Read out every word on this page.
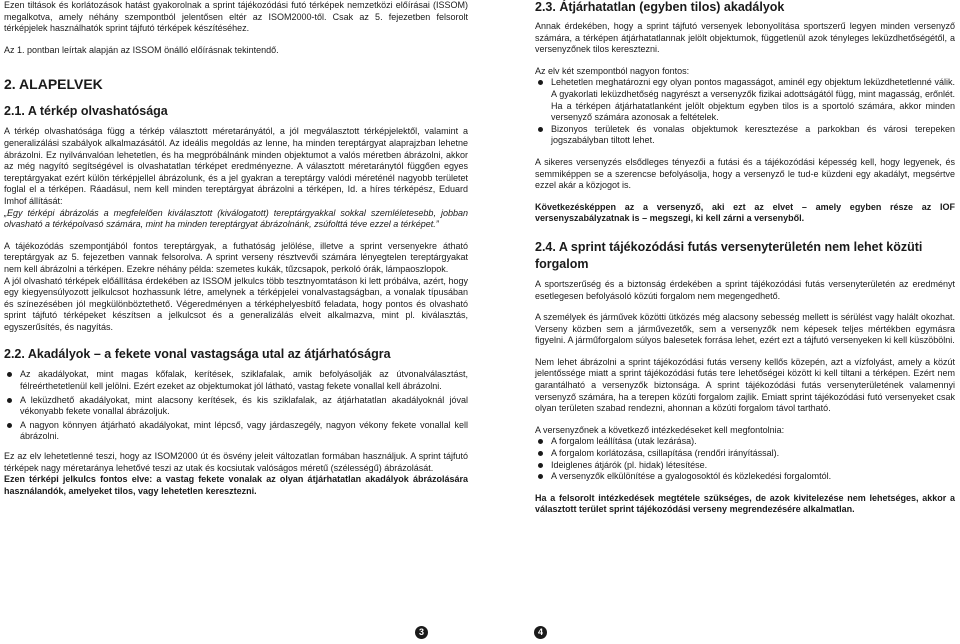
Ezen tiltások és korlátozások hatást gyakorolnak a sprint tájékozódási futó térképek nemzetközi előírásai (ISSOM) megalkotva, amely néhány szempontból jelentősen eltér az ISOM2000-től. Csak az 5. fejezetben felsorolt térképjelek használhatók sprint tájfutó térképek készítéséhez.

Az 1. pontban leírtak alapján az ISSOM önálló előírásnak tekintendő.

2. ALAPELVEK
2.1. A térkép olvashatósága

A térkép olvashatósága függ a térkép választott méretarányától, a jól megválasztott térképjelektől, valamint a generalizálási szabályok alkalmazásától. Az ideális megoldás az lenne, ha minden tereptárgyat alaprajzban lehetne ábrázolni. Ez nyilvánvalóan lehetetlen, és ha megpróbálnánk minden objektumot a valós méretben ábrázolni, akkor az még nagyító segítségével is olvashatatlan térképet eredményezne. A választott méretaránytól függően egyes tereptárgyakat ezért külön térképjellel ábrázolunk, és a jel gyakran a tereptárgy valódi méreténél nagyobb területet foglal el a térképen. Ráadásul, nem kell minden tereptárgyat ábrázolni a térképen, Id. a híres térképész, Eduard Imhof állítását:

„Egy térképi ábrázolás a megfelelően kiválasztott (kiválogatott) tereptárgyakkal sokkal szemléletesebb, jobban olvasható a térképolvasó számára, mint ha minden tereptárgyat ábrázolnánk, zsúfolttá téve ezzel a térképet.”

A tájékozódás szempontjából fontos tereptárgyak, a futhatóság jelölése, illetve a sprint versenyekre átható tereptárgyak az 5. fejezetben vannak felsorolva. A sprint verseny résztvevői számára lényegtelen tereptárgyakat nem kell ábrázolni a térképen. Ezekre néhány példa: szemetes kukák, tűzcsapok, perkoló órák, lámpaoszlopok.

A jól olvasható térképek előállítása érdekében az ISSOM jelkulcs több tesztnyomtatáson ki lett próbálva, azért, hogy egy kiegyensúlyozott jelkulcsot hozhassunk létre, amelynek a térképjelei vonalvastagságban, a vonalak típusában és színezésében jól megkülönböztethető. Végeredményen a térképhelyesbítő feladata, hogy pontos és olvasható sprint tájfutó térképeket készítsen a jelkulcsot és a generalizálás elveit alkalmazva, mint pl. kiválasztás, egyszerűsítés, és nagyítás.

2.2. Akadályok – a fekete vonal vastagsága utal az átjárhatóságra
Az akadályokat, mint magas kőfalak, kerítések, sziklafalak, amik befolyásolják az útvonalválasztást, félreérthetetlenül kell jelölni. Ezért ezeket az objektumokat jól látható, vastag fekete vonallal kell ábrázolni.
A leküzdhető akadályokat, mint alacsony kerítések, és kis sziklafalak, az átjárhatatlan akadályoknál jóval vékonyabb fekete vonallal ábrázoljuk.
A nagyon könnyen átjárható akadályokat, mint lépcső, vagy járdaszegély, nagyon vékony fekete vonallal kell ábrázolni.

Ez az elv lehetetlenné teszi, hogy az ISOM2000 út és ösvény jeleit változatlan formában használjuk. A sprint tájfutó térképek nagy méretaránya lehetővé teszi az utak és kocsiutak valóságos méretű (szélességű) ábrázolását.

Ezen térképi jelkulcs fontos elve: a vastag fekete vonalak az olyan átjárhatatlan akadályok ábrázolására használandók, amelyeket tilos, vagy lehetetlen keresztezni.

2.3. Átjárhatatlan (egyben tilos) akadályok

Annak érdekében, hogy a sprint tájfutó versenyek lebonyolítása sportszerű legyen minden versenyző számára, a térképen átjárhatatlannak jelölt objektumok, függetlenül azok tényleges leküzdhetőségétől, a versenyzőnek tilos keresztezni.

Az elv két szempontból nagyon fontos:

Lehetetlen meghatározni egy olyan pontos magasságot, aminél egy objektum leküzdhetetlenné válik. A gyakorlati leküzdhetőség nagyrészt a versenyzők fizikai adottságától függ, mint magasság, erőnlét. Ha a térképen átjárhatatlanként jelölt objektum egyben tilos is a sportoló számára, akkor minden versenyző számára azonosak a feltételek.
Bizonyos területek és vonalas objektumok keresztezése a parkokban és városi terepeken jogszabályban tiltott lehet.

A sikeres versenyzés elsődleges tényezői a futási és a tájékozódási képesség kell, hogy legyenek, és semmiképpen se a szerencse befolyásolja, hogy a versenyző le tud-e küzdeni egy akadályt, megsértve ezzel akár a közjogot is.

Következésképpen az a versenyző, aki ezt az elvet – amely egyben része az IOF versenyszabályzatnak is – megszegi, ki kell zárni a versenyből.

2.4. A sprint tájékozódási futás versenyterületén nem lehet közüti forgalom

A sportszerűség és a biztonság érdekében a sprint tájékozódási futás versenyterületén az eredményt esetlegesen befolyásoló közúti forgalom nem megengedhető.

A személyek és járművek közötti ütközés még alacsony sebesség mellett is sérülést vagy halált okozhat. Verseny közben sem a járművezetők, sem a versenyzők nem képesek teljes mértékben egymásra figyelni. A járműforgalom súlyos balesetek forrása lehet, ezért ezt a tájfutó versenyeken ki kell küszöbölni.

Nem lehet ábrázolni a sprint tájékozódási futás verseny kellős közepén, azt a vízfolyást, amely a közút jelentőssége miatt a sprint tájékozódási futás tere lehetőségei között ki kell tiltani a térképen. Ezért nem garantálható a versenyzők biztonsága. A sprint tájékozódási futás versenyterületének valamennyi versenyző számára, ha a terepen közúti forgalom zajlik. Emiatt sprint tájékozódási futó versenyeket csak olyan területen szabad rendezni, ahonnan a közúti forgalom távol tartható.

A versenyzőnek a következő intézkedéseket kell megfontolnia:

A forgalom leállítása (utak lezárása).
A forgalom korlátozása, csillapítása (rendőri irányítással).
Ideiglenes átjárók (pl. hidak) létesítése.
A versenyzők elkülönítése a gyalogosoktól és közlekedési forgalomtól.

Ha a felsorolt intézkedések megtétele szükséges, de azok kivitelezése nem lehetséges, akkor a választott terület sprint tájékozódási verseny megrendezésére alkalmatlan.

3	4
